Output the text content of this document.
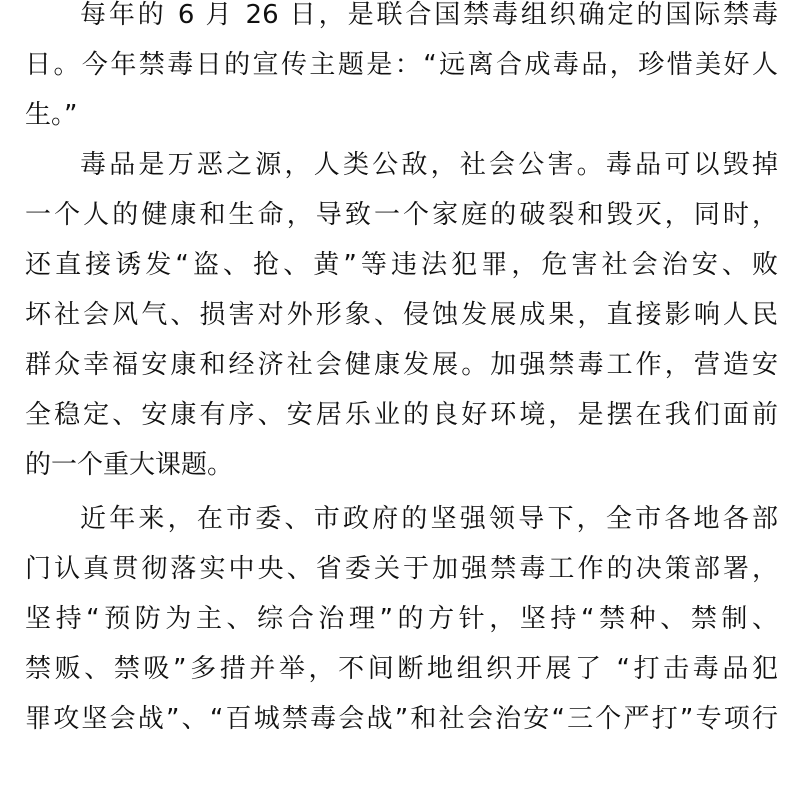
每年的 6 月 26 日，是联合国禁毒组织确定的国际禁毒
日。今年禁毒日的宣传主题是：“远离合成毒品，珍惜美好人
生。”
毒品是万恶之源，人类公敌，社会公害。毒品可以毁掉
一个人的健康和生命，导致一个家庭的破裂和毁灭，同时，
还直接诱发“盗、抢、黄”等违法犯罪，危害社会治安、败
坏社会风气、损害对外形象、侵蚀发展成果，直接影响人民
群众幸福安康和经济社会健康发展。加强禁毒工作，营造安
全稳定、安康有序、安居乐业的良好环境，是摆在我们面前
的一个重大课题。
近年来，在市委、市政府的坚强领导下，全市各地各部
门认真贯彻落实中央、省委关于加强禁毒工作的决策部署，
坚持“预防为主、综合治理”的方针，坚持“禁种、禁制、
禁贩、禁吸”多措并举，不间断地组织开展了 “打击毒品犯
罪攻坚会战”、“百城禁毒会战”和社会治安“三个严打”专项行
